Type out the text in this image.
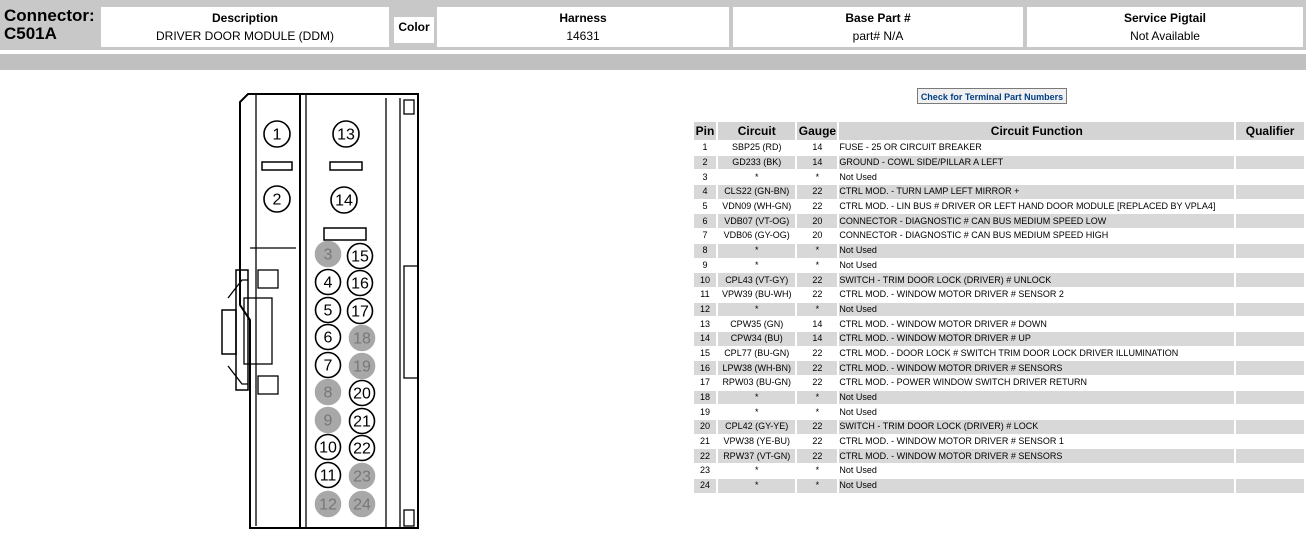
Connector:
C501A
Description
DRIVER DOOR MODULE (DDM)
Color
Harness
14631
Base Part #
part# N/A
Service Pigtail
Not Available
1
2
4
5
6
7
10
11
13
14
15
16
17
20
21
22
3
8
9
12
18
19
23
24
Check for Terminal Part Numbers
Pin	Circuit	Gauge	Circuit Function	Qualifier
1	SBP25 (RD)	14	FUSE - 25 OR CIRCUIT BREAKER	
2	GD233 (BK)	14	GROUND - COWL SIDE/PILLAR A LEFT	
3	*	*	Not Used	
4	CLS22 (GN-BN)	22	CTRL MOD. - TURN LAMP LEFT MIRROR +	
5	VDN09 (WH-GN)	22	CTRL MOD. - LIN BUS # DRIVER OR LEFT HAND DOOR MODULE [REPLACED BY VPLA4]	
6	VDB07 (VT-OG)	20	CONNECTOR - DIAGNOSTIC # CAN BUS MEDIUM SPEED LOW	
7	VDB06 (GY-OG)	20	CONNECTOR - DIAGNOSTIC # CAN BUS MEDIUM SPEED HIGH	
8	*	*	Not Used	
9	*	*	Not Used	
10	CPL43 (VT-GY)	22	SWITCH - TRIM DOOR LOCK (DRIVER) # UNLOCK	
11	VPW39 (BU-WH)	22	CTRL MOD. - WINDOW MOTOR DRIVER # SENSOR 2	
12	*	*	Not Used	
13	CPW35 (GN)	14	CTRL MOD. - WINDOW MOTOR DRIVER # DOWN	
14	CPW34 (BU)	14	CTRL MOD. - WINDOW MOTOR DRIVER # UP	
15	CPL77 (BU-GN)	22	CTRL MOD. - DOOR LOCK # SWITCH TRIM DOOR LOCK DRIVER ILLUMINATION	
16	LPW38 (WH-BN)	22	CTRL MOD. - WINDOW MOTOR DRIVER # SENSORS	
17	RPW03 (BU-GN)	22	CTRL MOD. - POWER WINDOW SWITCH DRIVER RETURN	
18	*	*	Not Used	
19	*	*	Not Used	
20	CPL42 (GY-YE)	22	SWITCH - TRIM DOOR LOCK (DRIVER) # LOCK	
21	VPW38 (YE-BU)	22	CTRL MOD. - WINDOW MOTOR DRIVER # SENSOR 1	
22	RPW37 (VT-GN)	22	CTRL MOD. - WINDOW MOTOR DRIVER # SENSORS	
23	*	*	Not Used	
24	*	*	Not Used	
